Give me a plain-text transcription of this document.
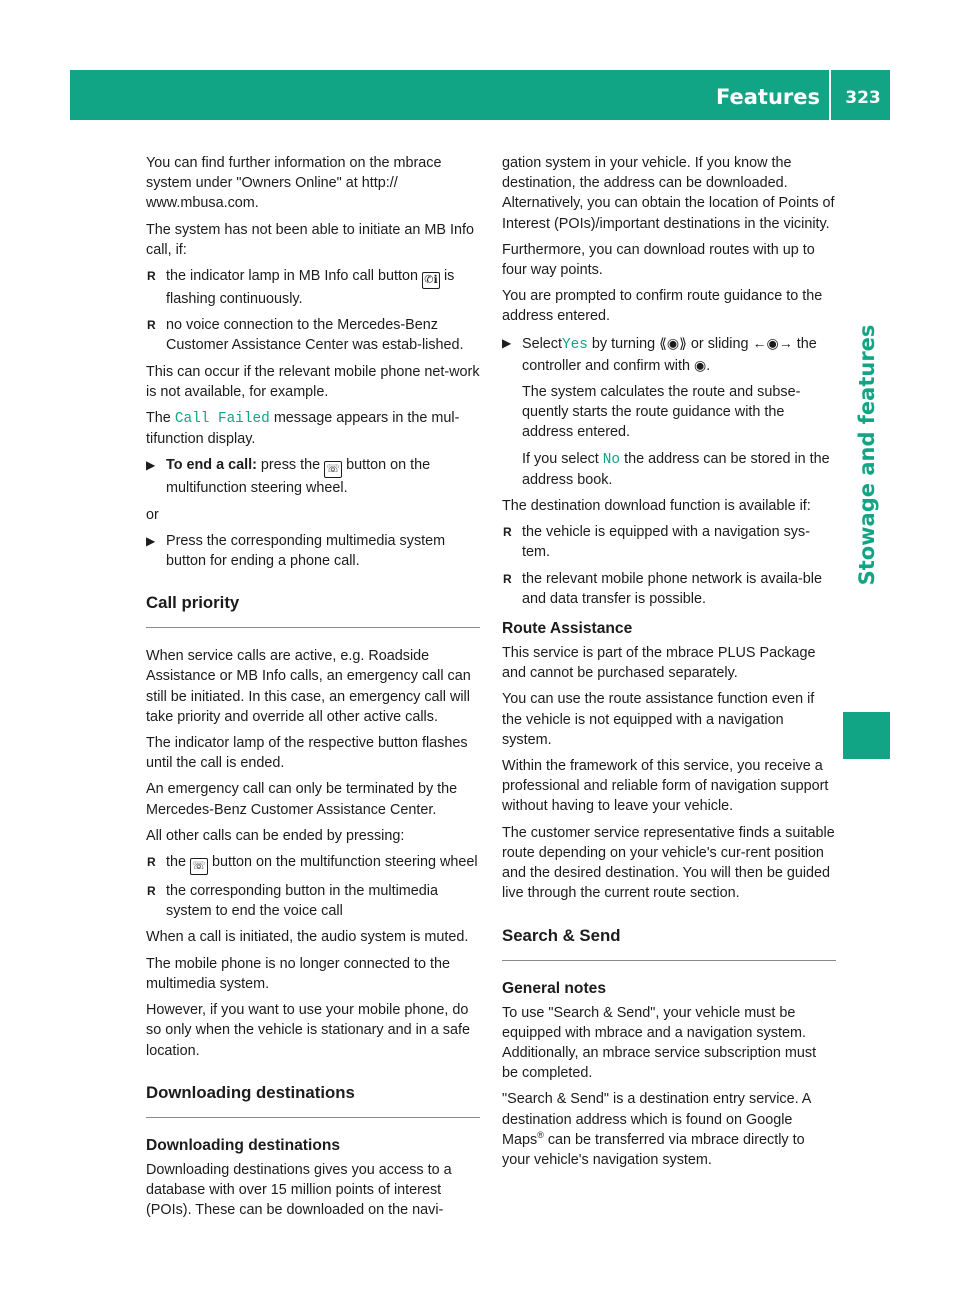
Features	323
Stowage and features

You can find further information on the mbrace system under "Owners Online" at http:// www.mbusa.com.

The system has not been able to initiate an MB Info call, if:

R the indicator lamp in MB Info call button ✆ℹ is flashing continuously.
R no voice connection to the Mercedes-Benz Customer Assistance Center was estab-lished.

This can occur if the relevant mobile phone net-work is not available, for example.

The Call Failed message appears in the mul-tifunction display.

▶ To end a call: press the ☏ button on the multifunction steering wheel.

or

▶ Press the corresponding multimedia system button for ending a phone call.
Call priority

When service calls are active, e.g. Roadside Assistance or MB Info calls, an emergency call can still be initiated. In this case, an emergency call will take priority and override all other active calls.

The indicator lamp of the respective button flashes until the call is ended.

An emergency call can only be terminated by the Mercedes-Benz Customer Assistance Center.

All other calls can be ended by pressing:

R the ☏ button on the multifunction steering wheel
R the corresponding button in the multimedia system to end the voice call

When a call is initiated, the audio system is muted.

The mobile phone is no longer connected to the multimedia system.

However, if you want to use your mobile phone, do so only when the vehicle is stationary and in a safe location.

Downloading destinations
Downloading destinations

Downloading destinations gives you access to a database with over 15 million points of interest (POIs). These can be downloaded on the navi-

gation system in your vehicle. If you know the destination, the address can be downloaded. Alternatively, you can obtain the location of Points of Interest (POIs)/important destinations in the vicinity.

Furthermore, you can download routes with up to four way points.

You are prompted to confirm route guidance to the address entered.

▶ SelectYes by turning ⟪◉⟫ or sliding ←◉→ the controller and confirm with ◉.
The system calculates the route and subse-quently starts the route guidance with the address entered.
If you select No the address can be stored in the address book.

The destination download function is available if:

R the vehicle is equipped with a navigation sys-tem.
R the relevant mobile phone network is availa-ble and data transfer is possible.
Route Assistance

This service is part of the mbrace PLUS Package and cannot be purchased separately.

You can use the route assistance function even if the vehicle is not equipped with a navigation system.

Within the framework of this service, you receive a professional and reliable form of navigation support without having to leave your vehicle.

The customer service representative finds a suitable route depending on your vehicle's cur-rent position and the desired destination. You will then be guided live through the current route section.

Search & Send
General notes

To use "Search & Send", your vehicle must be equipped with mbrace and a navigation system. Additionally, an mbrace service subscription must be completed.

"Search & Send" is a destination entry service. A destination address which is found on Google Maps® can be transferred via mbrace directly to your vehicle's navigation system.
